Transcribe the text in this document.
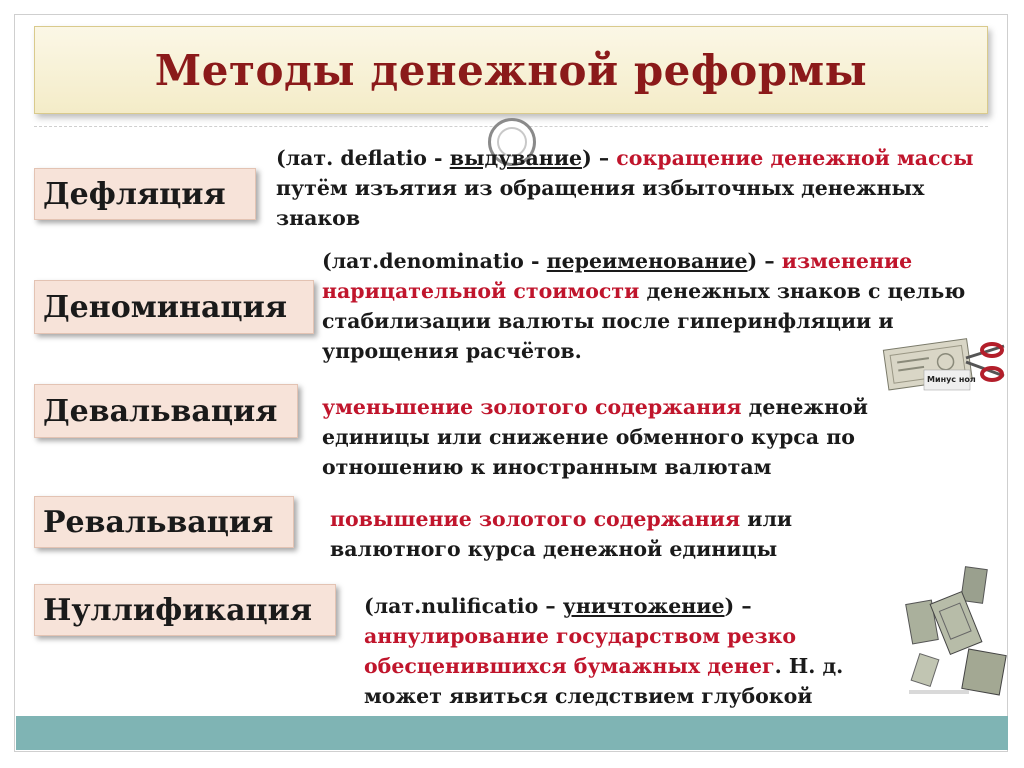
Методы денежной реформы
Дефляция
Деноминация
Девальвация
Ревальвация
Нуллификация
(лат. deflatio - выдувание) – сокращение денежной массы путём изъятия из обращения избыточных денежных знаков
(лат.denominatio - переименование) – изменение нарицательной стоимости денежных знаков с целью стабилизации валюты после гиперинфляции и упрощения расчётов.
уменьшение золотого содержания денежной единицы или снижение обменного курса по отношению к иностранным валютам
повышение золотого содержания или валютного курса денежной единицы
(лат.nulificatio – уничтожение) – аннулирование государством резко обесценившихся бумажных денег. Н. д. может явиться следствием глубокой
Минус нол
